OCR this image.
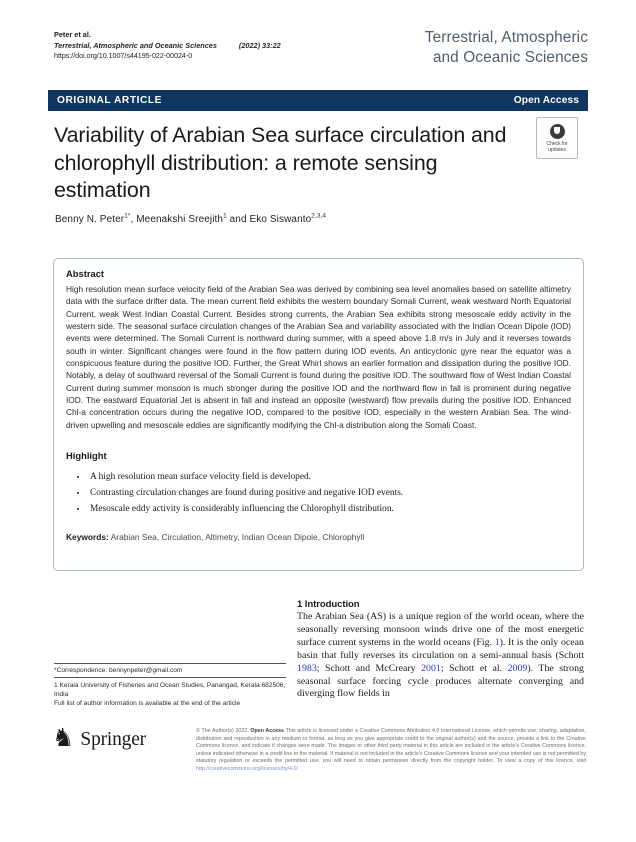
Peter et al.
Terrestrial, Atmospheric and Oceanic Sciences	(2022) 33:22
https://doi.org/10.1007/s44195-022-00024-0
Terrestrial, Atmospheric
and Oceanic Sciences
ORIGINAL ARTICLE	Open Access
Check for
updates
Variability of Arabian Sea surface circulation and chlorophyll distribution: a remote sensing estimation
Benny N. Peter$^{1*}$, Meenakshi Sreejith$^1$ and Eko Siswanto$^{2,3,4}$
Abstract
High resolution mean surface velocity field of the Arabian Sea was derived by combining sea level anomalies based on satellite altimetry data with the surface drifter data. The mean current field exhibits the western boundary Somali Current, weak westward North Equatorial Current, weak West Indian Coastal Current. Besides strong currents, the Arabian Sea exhibits strong mesoscale eddy activity in the western side. The seasonal surface circulation changes of the Arabian Sea and variability associated with the Indian Ocean Dipole (IOD) events were determined. The Somali Current is northward during summer, with a speed above 1.8 m/s in July and it reverses towards south in winter. Significant changes were found in the flow pattern during IOD events. An anticyclonic gyre near the equator was a conspicuous feature during the positive IOD. Further, the Great Whirl shows an earlier formation and dissipation during the positive IOD. Notably, a delay of southward reversal of the Somali Current is found during the positive IOD. The southward flow of West Indian Coastal Current during summer monsoon is much stronger during the positive IOD and the northward flow in fall is prominent during negative IOD. The eastward Equatorial Jet is absent in fall and instead an opposite (westward) flow prevails during the positive IOD. Enhanced Chl-a concentration occurs during the negative IOD, compared to the positive IOD, especially in the western Arabian Sea. The wind-driven upwelling and mesoscale eddies are significantly modifying the Chl-a distribution along the Somali Coast.
Highlight
• A high resolution mean surface velocity field is developed.
• Contrasting circulation changes are found during positive and negative IOD events.
• Mesoscale eddy activity is considerably influencing the Chlorophyll distribution.
Keywords: Arabian Sea, Circulation, Altimetry, Indian Ocean Dipole, Chlorophyll
*Correspondence: bennynpeter@gmail.com
1 Kerala University of Fisheries and Ocean Studies, Panangad, Kerala 682506, India
Full list of author information is available at the end of the article
1 Introduction

The Arabian Sea (AS) is a unique region of the world ocean, where the seasonally reversing monsoon winds drive one of the most energetic surface current systems in the world oceans (Fig. 1). It is the only ocean basin that fully reverses its circulation on a semi-annual basis (Schott 1983; Schott and McCreary 2001; Schott et al. 2009). The strong seasonal surface forcing cycle produces alternate converging and diverging flow fields in

♞ Springer	© The Author(s) 2022. Open Access This article is licensed under a Creative Commons Attribution 4.0 International License, which permits use, sharing, adaptation, distribution and reproduction in any medium or format, as long as you give appropriate credit to the original author(s) and the source, provide a link to the Creative Commons licence, and indicate if changes were made. The images or other third party material in this article are included in the article's Creative Commons licence, unless indicated otherwise in a credit line to the material. If material is not included in the article's Creative Commons licence and your intended use is not permitted by statutory regulation or exceeds the permitted use, you will need to obtain permission directly from the copyright holder. To view a copy of this licence, visit http://creativecommons.org/licenses/by/4.0/.
